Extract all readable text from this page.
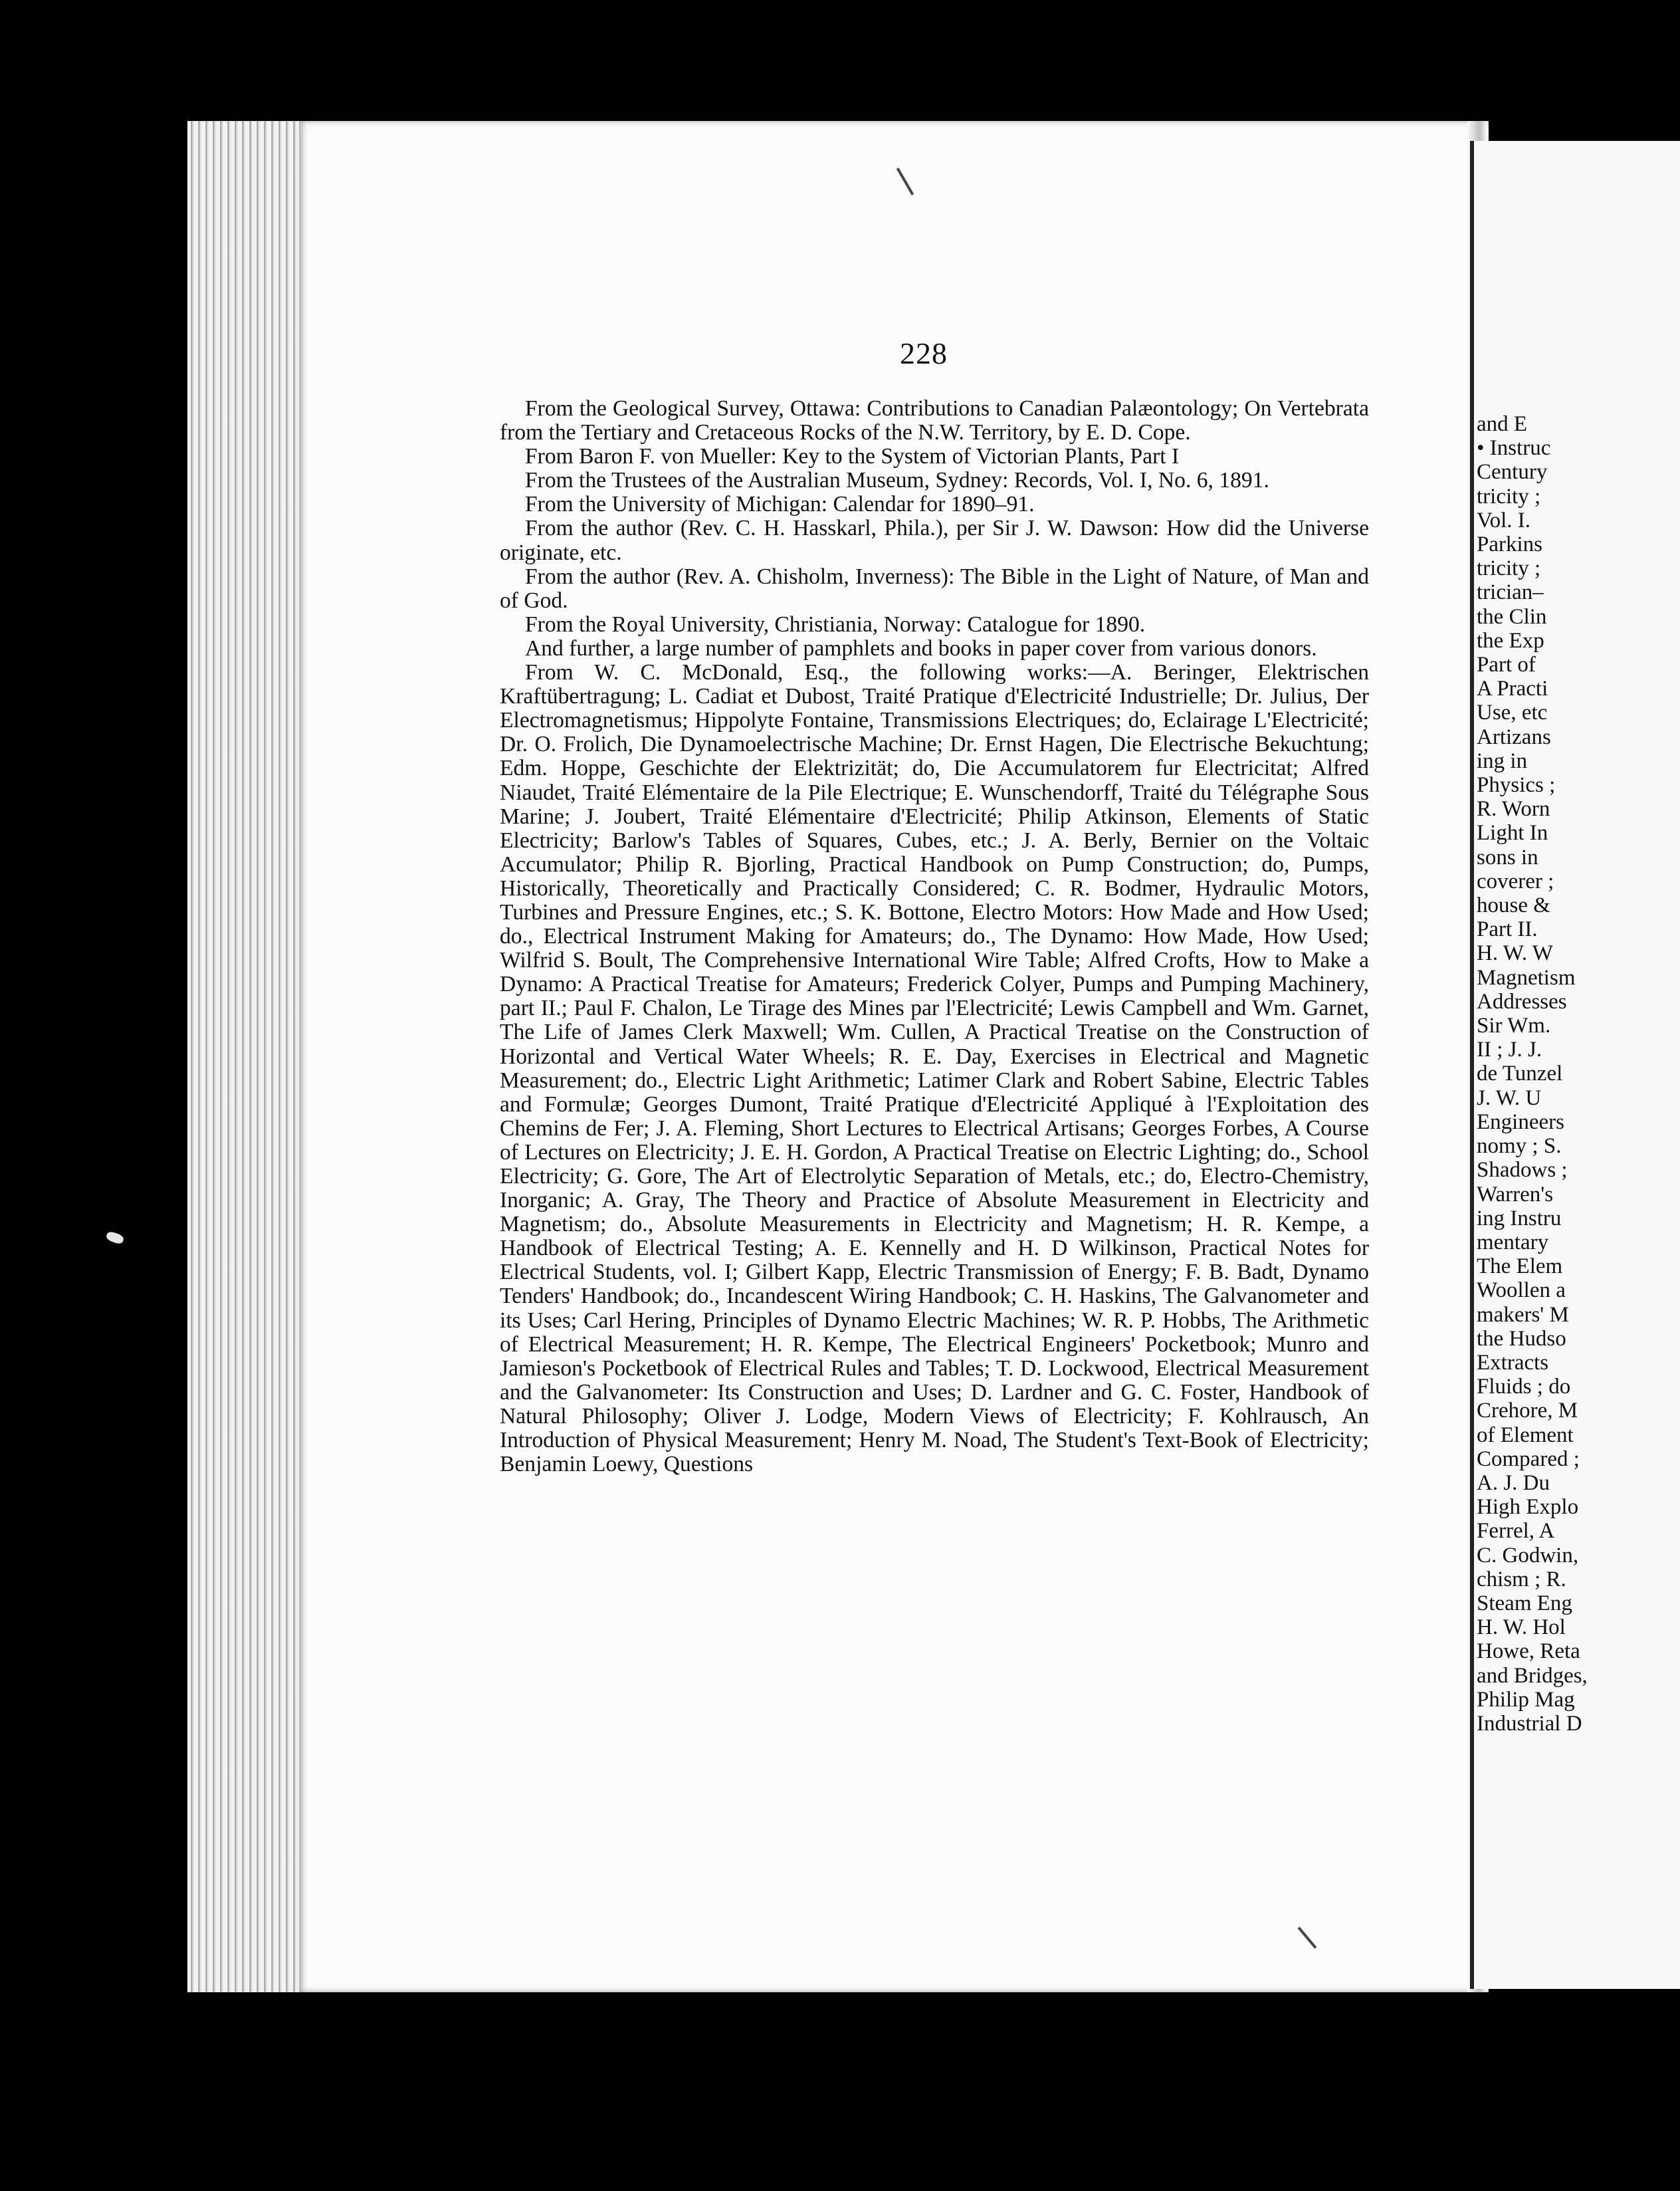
228

From the Geological Survey, Ottawa: Contributions to Canadian Palæontology; On Vertebrata from the Tertiary and Cretaceous Rocks of the N.W. Territory, by E. D. Cope.

From Baron F. von Mueller: Key to the System of Victorian Plants, Part I

From the Trustees of the Australian Museum, Sydney: Records, Vol. I, No. 6, 1891.

From the University of Michigan: Calendar for 1890–91.

From the author (Rev. C. H. Hasskarl, Phila.), per Sir J. W. Dawson: How did the Universe originate, etc.

From the author (Rev. A. Chisholm, Inverness): The Bible in the Light of Nature, of Man and of God.

From the Royal University, Christiania, Norway: Catalogue for 1890.

And further, a large number of pamphlets and books in paper cover from various donors.

From W. C. McDonald, Esq., the following works:—A. Beringer, Elektrischen Kraftübertragung; L. Cadiat et Dubost, Traité Pratique d'Electricité Industrielle; Dr. Julius, Der Electromagnetismus; Hippolyte Fontaine, Transmissions Electriques; do, Eclairage L'Electricité; Dr. O. Frolich, Die Dynamoelectrische Machine; Dr. Ernst Hagen, Die Electrische Bekuchtung; Edm. Hoppe, Geschichte der Elektrizität; do, Die Accumulatorem fur Electricitat; Alfred Niaudet, Traité Elémentaire de la Pile Electrique; E. Wunschendorff, Traité du Télégraphe Sous Marine; J. Joubert, Traité Elémentaire d'Electricité; Philip Atkinson, Elements of Static Electricity; Barlow's Tables of Squares, Cubes, etc.; J. A. Berly, Bernier on the Voltaic Accumulator; Philip R. Bjorling, Practical Handbook on Pump Construction; do, Pumps, Historically, Theoretically and Practically Considered; C. R. Bodmer, Hydraulic Motors, Turbines and Pressure Engines, etc.; S. K. Bottone, Electro Motors: How Made and How Used; do., Electrical Instrument Making for Amateurs; do., The Dynamo: How Made, How Used; Wilfrid S. Boult, The Comprehensive International Wire Table; Alfred Crofts, How to Make a Dynamo: A Practical Treatise for Amateurs; Frederick Colyer, Pumps and Pumping Machinery, part II.; Paul F. Chalon, Le Tirage des Mines par l'Electricité; Lewis Campbell and Wm. Garnet, The Life of James Clerk Maxwell; Wm. Cullen, A Practical Treatise on the Construction of Horizontal and Vertical Water Wheels; R. E. Day, Exercises in Electrical and Magnetic Measurement; do., Electric Light Arithmetic; Latimer Clark and Robert Sabine, Electric Tables and Formulæ; Georges Dumont, Traité Pratique d'Electricité Appliqué à l'Exploitation des Chemins de Fer; J. A. Fleming, Short Lectures to Electrical Artisans; Georges Forbes, A Course of Lectures on Electricity; J. E. H. Gordon, A Practical Treatise on Electric Lighting; do., School Electricity; G. Gore, The Art of Electrolytic Separation of Metals, etc.; do, Electro-Chemistry, Inorganic; A. Gray, The Theory and Practice of Absolute Measurement in Electricity and Magnetism; do., Absolute Measurements in Electricity and Magnetism; H. R. Kempe, a Handbook of Electrical Testing; A. E. Kennelly and H. D Wilkinson, Practical Notes for Electrical Students, vol. I; Gilbert Kapp, Electric Transmission of Energy; F. B. Badt, Dynamo Tenders' Handbook; do., Incandescent Wiring Handbook; C. H. Haskins, The Galvanometer and its Uses; Carl Hering, Principles of Dynamo Electric Machines; W. R. P. Hobbs, The Arithmetic of Electrical Measurement; H. R. Kempe, The Electrical Engineers' Pocketbook; Munro and Jamieson's Pocketbook of Electrical Rules and Tables; T. D. Lockwood, Electrical Measurement and the Galvanometer: Its Construction and Uses; D. Lardner and G. C. Foster, Handbook of Natural Philosophy; Oliver J. Lodge, Modern Views of Electricity; F. Kohlrausch, An Introduction of Physical Measurement; Henry M. Noad, The Student's Text-Book of Electricity; Benjamin Loewy, Questions

and E
• Instruc
Century
tricity ;
Vol. I.
Parkins
tricity ;
trician–
the Clin
the Exp
Part of
A Practi
Use, etc
Artizans
ing in
Physics ;
R. Worn
Light In
sons in
coverer ;
house &
Part II.
H. W. W
Magnetism
Addresses
Sir Wm.
II ; J. J.
de Tunzel
J. W. U
Engineers
nomy ; S.
Shadows ;
Warren's
ing Instru
mentary
The Elem
Woollen a
makers' M
the Hudso
Extracts
Fluids ; do
Crehore, M
of Element
Compared ;
A. J. Du
High Explo
Ferrel, A
C. Godwin,
chism ; R.
Steam Eng
H. W. Hol
Howe, Reta
and Bridges,
Philip Mag
Industrial D
